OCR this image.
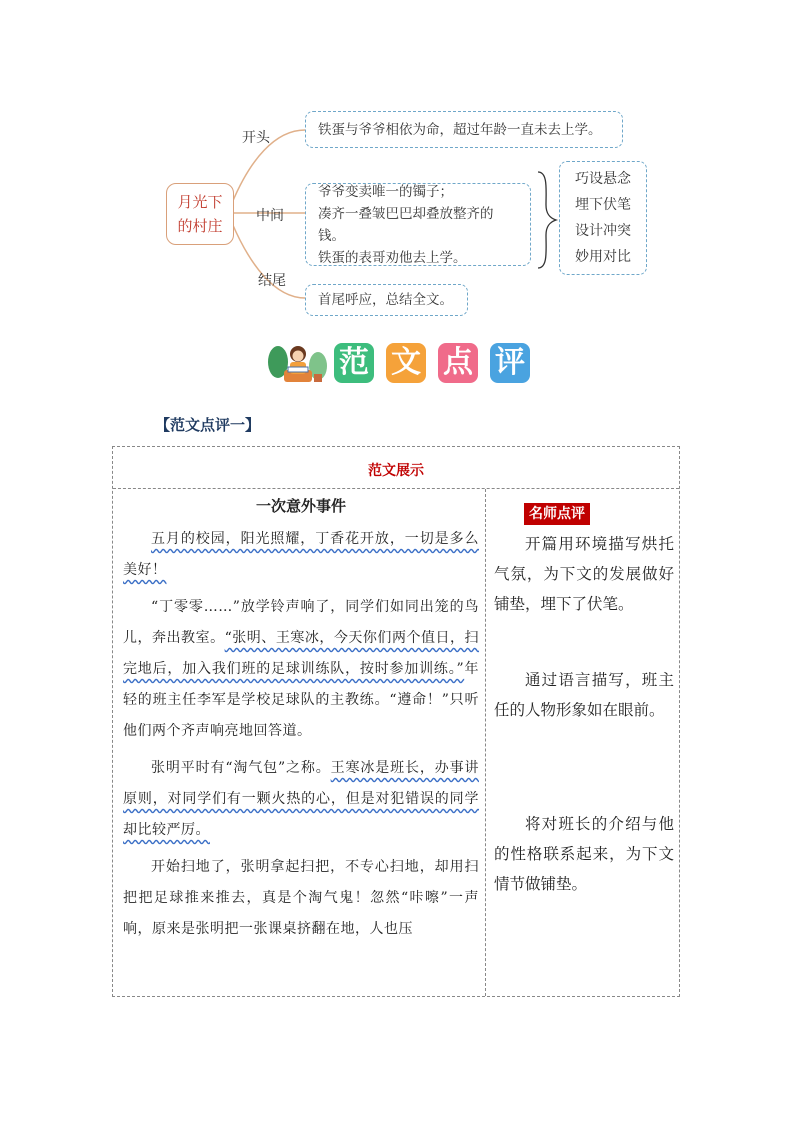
月光下
的村庄
开头
中间
结尾
铁蛋与爷爷相依为命，超过年龄一直未去上学。
爷爷变卖唯一的镯子；
凑齐一叠皱巴巴却叠放整齐的钱。
铁蛋的表哥劝他去上学。
巧设悬念
埋下伏笔
设计冲突
妙用对比
首尾呼应，总结全文。
范 文 点 评
【范文点评一】
范文展示
一次意外事件

五月的校园，阳光照耀，丁香花开放，一切是多么美好！

“丁零零……”放学铃声响了，同学们如同出笼的鸟儿，奔出教室。“张明、王寒冰，今天你们两个值日，扫完地后，加入我们班的足球训练队，按时参加训练。”年轻的班主任李军是学校足球队的主教练。“遵命！”只听他们两个齐声响亮地回答道。

张明平时有“淘气包”之称。王寒冰是班长，办事讲原则，对同学们有一颗火热的心，但是对犯错误的同学却比较严厉。

开始扫地了，张明拿起扫把，不专心扫地，却用扫把把足球推来推去，真是个淘气鬼！忽然“咔嚓”一声响，原来是张明把一张课桌挤翻在地，人也压

名师点评
开篇用环境描写烘托气氛，为下文的发展做好铺垫，埋下了伏笔。
通过语言描写，班主任的人物形象如在眼前。
将对班长的介绍与他的性格联系起来，为下文情节做铺垫。
